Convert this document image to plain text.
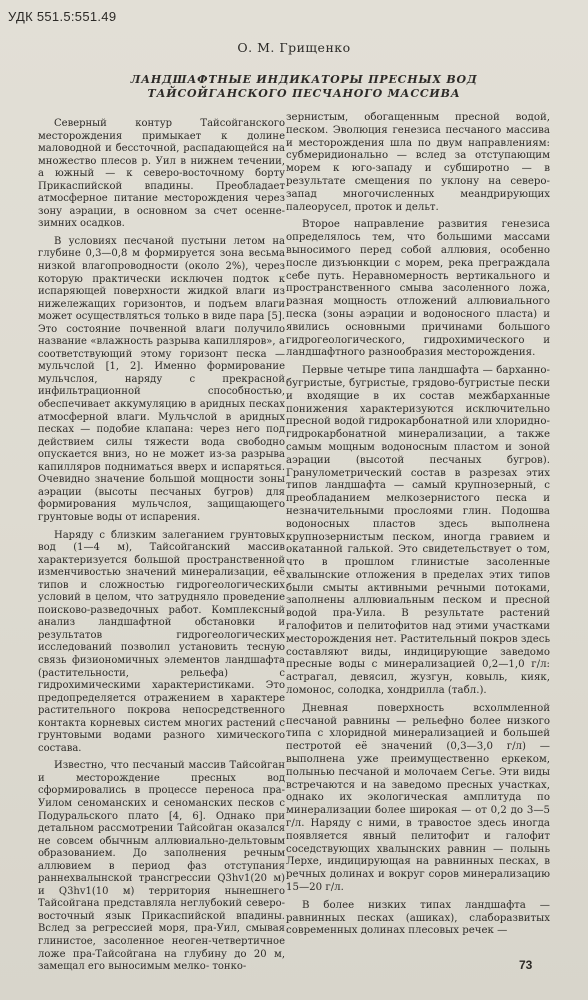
УДК 551.5:551.49
О. М. Грищенко
ЛАНДШАФТНЫЕ ИНДИКАТОРЫ ПРЕСНЫХ ВОД ТАЙСОЙГАНСКОГО ПЕСЧАНОГО МАССИВА

Северный контур Тайсойганского месторождения примыкает к долине маловодной и бессточной, распадающейся на множество плесов р. Уил в нижнем течении, а южный — к северо-восточному борту Прикаспийской впадины. Преобладает атмосферное питание месторождения через зону аэрации, в основном за счет осенне-зимних осадков.

В условиях песчаной пустыни летом на глубине 0,3—0,8 м формируется зона весьма низкой влагопроводности (около 2%), через которую практически исключен подток к испаряющей поверхности жидкой влаги из нижележащих горизонтов, и подъем влаги может осуществляться только в виде пара [5]. Это состояние почвенной влаги получило название «влажность разрыва капилляров», а соответствующий этому горизонт песка — мульчслой [1, 2]. Именно формирование мульчслоя, наряду с прекрасной инфильтрационной способностью, обеспечивает аккумуляцию в аридных песках атмосферной влаги. Мульчслой в аридных песках — подобие клапана: через него под действием силы тяжести вода свободно опускается вниз, но не может из-за разрыва капилляров подниматься вверх и испаряться. Очевидно значение большой мощности зоны аэрации (высоты песчаных бугров) для формирования мульчслоя, защищающего грунтовые воды от испарения.

Наряду с близким залеганием грунтовых вод (1—4 м), Тайсойганский массив характеризуется большой пространственной изменчивостью значений минерализации, её типов и сложностью гидрогеологических условий в целом, что затрудняло проведение поисково-разведочных работ. Комплексный анализ ландшафтной обстановки и результатов гидрогеологических исследований позволил установить тесную связь физиономичных элементов ландшафта (растительности, рельефа) с гидрохимическими характеристиками. Это предопределяется отражением в характере растительного покрова непосредственного контакта корневых систем многих растений с грунтовыми водами разного химического состава.

Известно, что песчаный массив Тайсойган и месторождение пресных вод сформировались в процессе переноса пра-Уилом сеноманских и сеноманских песков с Подуральского плато [4, 6]. Однако при детальном рассмотрении Тайсойган оказался не совсем обычным аллювиально-дельтовым образованием. До заполнения речным аллювием в период фаз отступания раннехвалынской трансгрессии Q3hv1(20 м) и Q3hv1(10 м) территория нынешнего Тайсойгана представляла неглубокий северо-восточный язык Прикаспийской впадины. Вслед за регрессией моря, пра-Уил, смывая глинистое, засоленное неоген-четвертичное ложе пра-Тайсойгана на глубину до 20 м, замещал его выносимым мелко- тонко-

зернистым, обогащенным пресной водой, песком. Эволюция генезиса песчаного массива и месторождения шла по двум направлениям: субмеридионально — вслед за отступающим морем к юго-западу и субширотно — в результате смещения по уклону на северо-запад многочисленных меандрирующих палеорусел, проток и дельт.

Второе направление развития генезиса определялось тем, что большими массами выносимого перед собой аллювия, особенно после дизъюнкции с морем, река преграждала себе путь. Неравномерность вертикального и пространственного смыва засоленного ложа, разная мощность отложений аллювиального песка (зоны аэрации и водоносного пласта) и явились основными причинами большого гидрогеологического, гидрохимического и ландшафтного разнообразия месторождения.

Первые четыре типа ландшафта — барханно-бугристые, бугристые, грядово-бугристые пески и входящие в их состав межбарханные понижения характеризуются исключительно пресной водой гидрокарбонатной или хлоридно-гидрокарбонатной минерализации, а также самым мощным водоносным пластом и зоной аэрации (высотой песчаных бугров). Гранулометрический состав в разрезах этих типов ландшафта — самый крупнозерный, с преобладанием мелкозернистого песка и незначительными прослоями глин. Подошва водоносных пластов здесь выполнена крупнозернистым песком, иногда гравием и окатанной галькой. Это свидетельствует о том, что в прошлом глинистые засоленные хвалынские отложения в пределах этих типов были смыты активными речными потоками, заполнены аллювиальным песком и пресной водой пра-Уила. В результате растений галофитов и пелитофитов над этими участками месторождения нет. Растительный покров здесь составляют виды, индицирующие заведомо пресные воды с минерализацией 0,2—1,0 г/л: астрагал, девясил, жузгун, ковыль, кияк, ломонос, солодка, хондрилла (табл.).

Дневная поверхность всхолмленной песчаной равнины — рельефно более низкого типа с хлоридной минерализацией и большей пестротой её значений (0,3—3,0 г/л) — выполнена уже преимущественно еркеком, полынью песчаной и молочаем Сегье. Эти виды встречаются и на заведомо пресных участках, однако их экологическая амплитуда по минерализации более широкая — от 0,2 до 3—5 г/л. Наряду с ними, в травостое здесь иногда появляется явный пелитофит и галофит соседствующих хвалынских равнин — полынь Лерхе, индицирующая на равнинных песках, в речных долинах и вокруг соров минерализацию 15—20 г/л.

В более низких типах ландшафта — равнинных песках (ашиках), слаборазвитых современных долинах плесовых речек —

73
